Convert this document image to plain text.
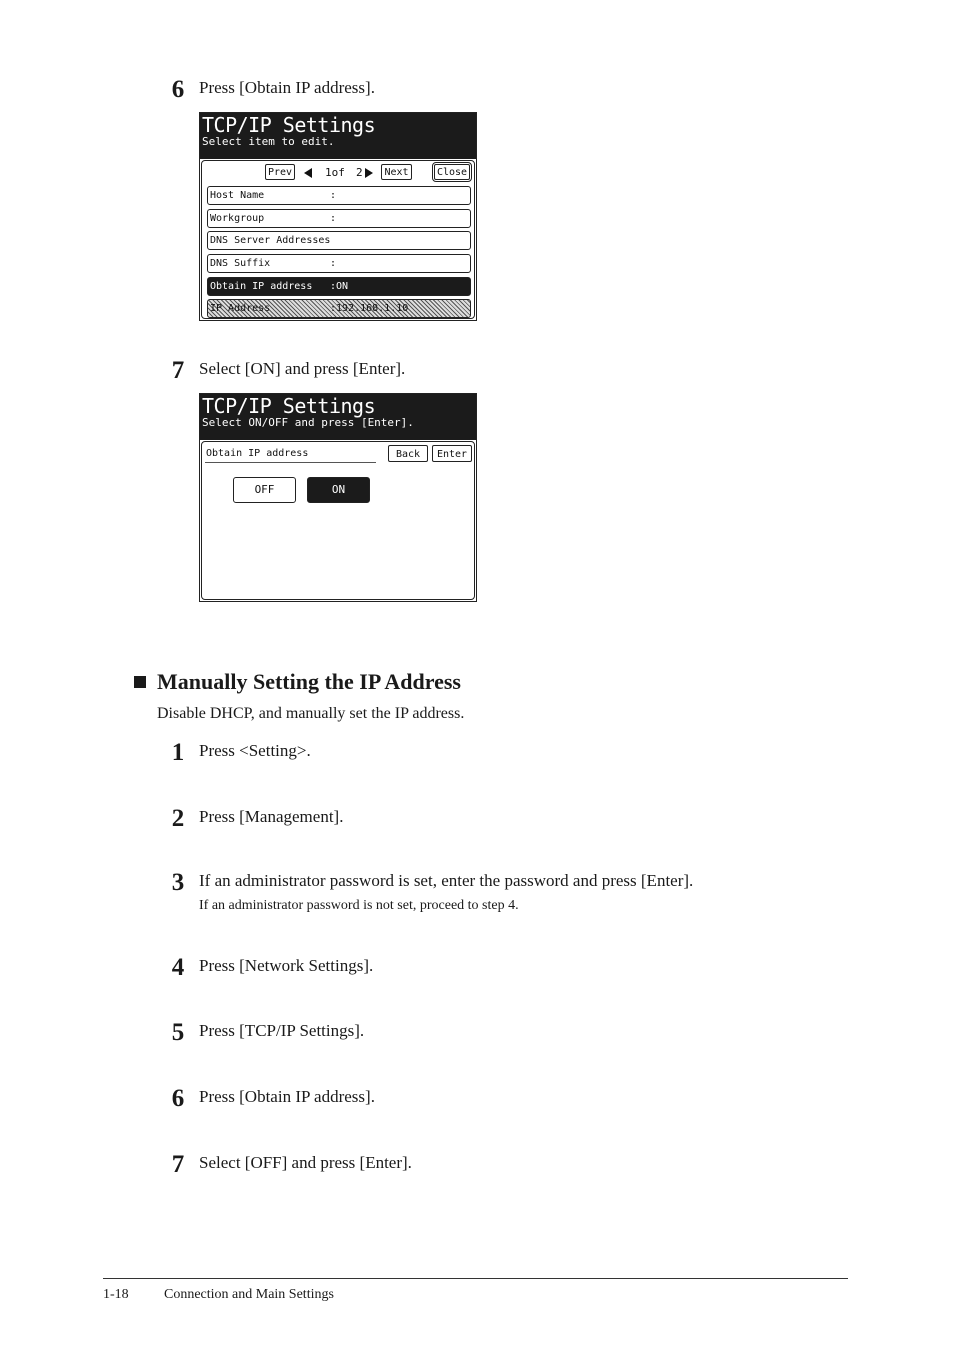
6 Press [Obtain IP address].
TCP/IP Settings
Select item to edit.
Prev	1of 2	Next	Close
Host Name	:
Workgroup	:
DNS Server Addresses
DNS Suffix	:
Obtain IP address :ON
IP Address	:192.168.1.10
7 Select [ON] and press [Enter].
TCP/IP Settings
Select ON/OFF and press [Enter].
Obtain IP address	Back	Enter
OFF	ON
Manually Setting the IP Address
Disable DHCP, and manually set the IP address.
1 Press <Setting>.
2 Press [Management].
3 If an administrator password is set, enter the password and press [Enter].
If an administrator password is not set, proceed to step 4.
4 Press [Network Settings].
5 Press [TCP/IP Settings].
6 Press [Obtain IP address].
7 Select [OFF] and press [Enter].
1-18	Connection and Main Settings
